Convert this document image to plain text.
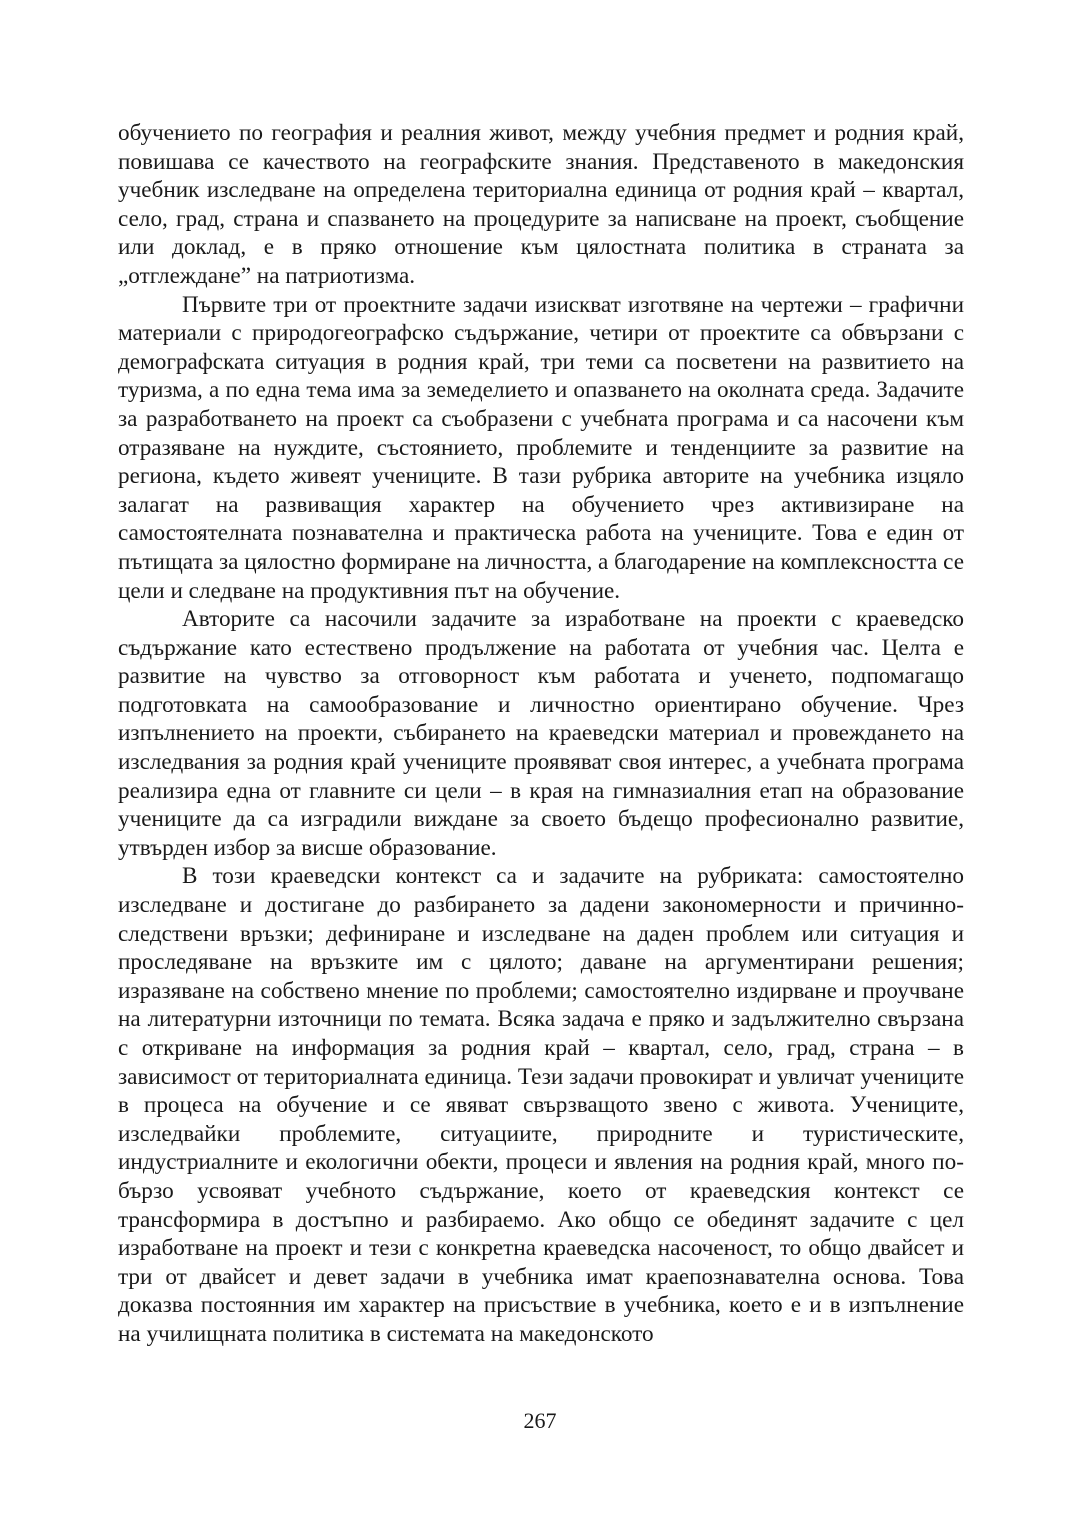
обучението по география и реалния живот, между учебния предмет и родния край, повишава се качеството на географските знания. Представеното в македонския учебник изследване на определена териториална единица от родния край – квартал, село, град, страна и спазването на процедурите за написване на проект, съобщение или доклад, е в пряко отношение към цялостната политика в страната за „отглеждане” на патриотизма.

Първите три от проектните задачи изискват изготвяне на чертежи – графични материали с природогеографско съдържание, четири от проектите са обвързани с демографската ситуация в родния край, три теми са посветени на развитието на туризма, а по една тема има за земеделието и опазването на околната среда. Задачите за разработването на проект са съобразени с учебната програма и са насочени към отразяване на нуждите, състоянието, проблемите и тенденциите за развитие на региона, където живеят учениците. В тази рубрика авторите на учебника изцяло залагат на развиващия характер на обучението чрез активизиране на самостоятелната познавателна и практическа работа на учениците. Това е един от пътищата за цялостно формиране на личността, а благодарение на комплексността се цели и следване на продуктивния път на обучение.

Авторите са насочили задачите за изработване на проекти с краеведско съдържание като естествено продължение на работата от учебния час. Целта е развитие на чувство за отговорност към работата и ученето, подпомагащо подготовката на самообразование и личностно ориентирано обучение. Чрез изпълнението на проекти, събирането на краеведски материал и провеждането на изследвания за родния край учениците проявяват своя интерес, а учебната програма реализира една от главните си цели – в края на гимназиалния етап на образование учениците да са изградили виждане за своето бъдещо професионално развитие, утвърден избор за висше образование.

В този краеведски контекст са и задачите на рубриката: самостоятелно изследване и достигане до разбирането за дадени закономерности и причинно-следствени връзки; дефиниране и изследване на даден проблем или ситуация и проследяване на връзките им с цялото; даване на аргументирани решения; изразяване на собствено мнение по проблеми; самостоятелно издирване и проучване на литературни източници по темата. Всяка задача е пряко и задължително свързана с откриване на информация за родния край – квартал, село, град, страна – в зависимост от териториалната единица. Тези задачи провокират и увличат учениците в процеса на обучение и се явяват свързващото звено с живота. Учениците, изследвайки проблемите, ситуациите, природните и туристическите, индустриалните и екологични обекти, процеси и явления на родния край, много по-бързо усвояват учебното съдържание, което от краеведския контекст се трансформира в достъпно и разбираемо. Ако общо се обединят задачите с цел изработване на проект и тези с конкретна краеведска насоченост, то общо двайсет и три от двайсет и девет задачи в учебника имат краепознавателна основа. Това доказва постоянния им характер на присъствие в учебника, което е и в изпълнение на училищната политика в системата на македонското

267
